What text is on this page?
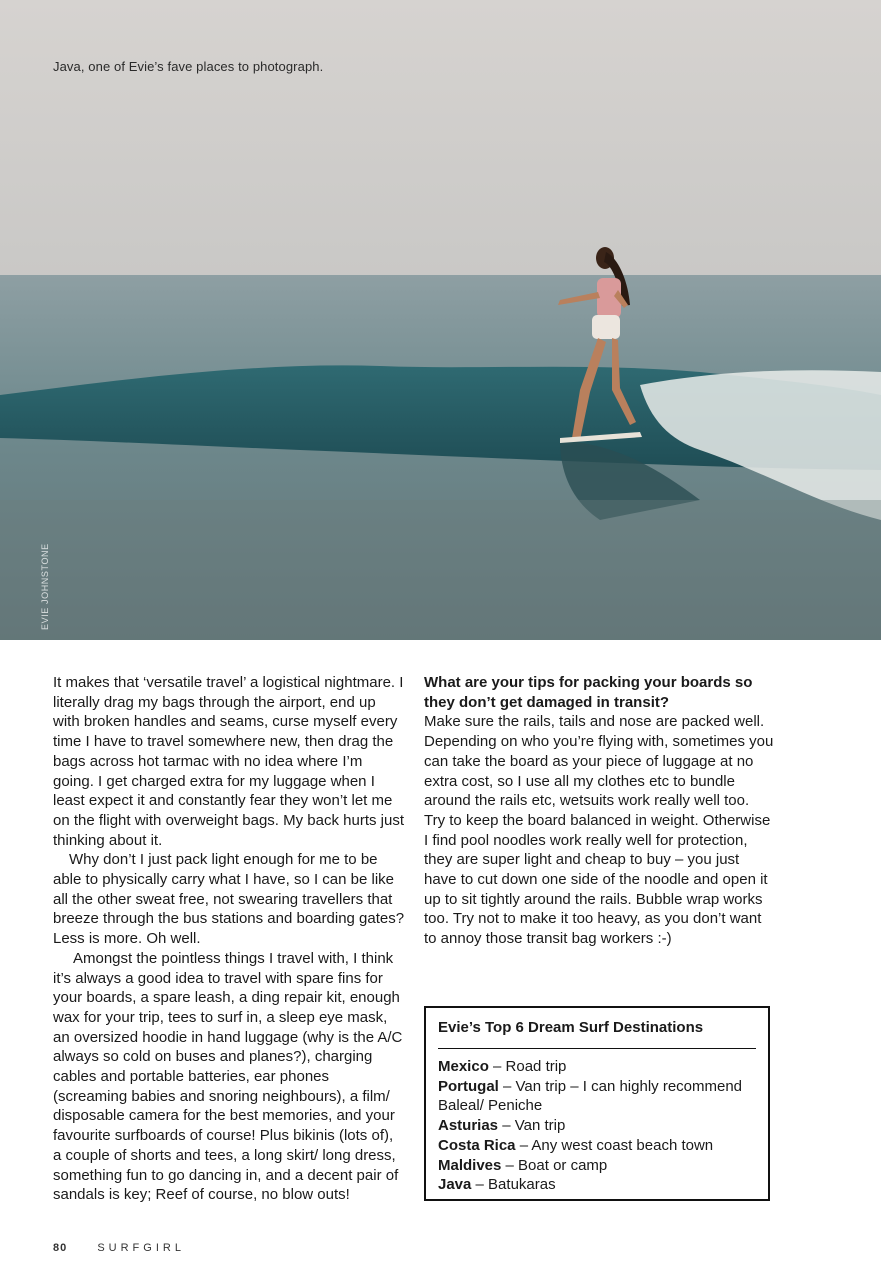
Java, one of Evie’s fave places to photograph.
EVIE JOHNSTONE

It makes that ‘versatile travel’ a logistical nightmare. I literally drag my bags through the airport, end up with broken handles and seams, curse myself every time I have to travel somewhere new, then drag the bags across hot tarmac with no idea where I’m going. I get charged extra for my luggage when I least expect it and constantly fear they won’t let me on the flight with overweight bags. My back hurts just thinking about it.

Why don’t I just pack light enough for me to be able to physically carry what I have, so I can be like all the other sweat free, not swearing travellers that breeze through the bus stations and boarding gates? Less is more. Oh well.

Amongst the pointless things I travel with, I think it’s always a good idea to travel with spare fins for your boards, a spare leash, a ding repair kit, enough wax for your trip, tees to surf in, a sleep eye mask, an oversized hoodie in hand luggage (why is the A/C always so cold on buses and planes?), charging cables and portable batteries, ear phones (screaming babies and snoring neighbours), a film/ disposable camera for the best memories, and your favourite surfboards of course! Plus bikinis (lots of), a couple of shorts and tees, a long skirt/ long dress, something fun to go dancing in, and a decent pair of sandals is key; Reef of course, no blow outs!

What are your tips for packing your boards so they don’t get damaged in transit?

Make sure the rails, tails and nose are packed well. Depending on who you’re flying with, sometimes you can take the board as your piece of luggage at no extra cost, so I use all my clothes etc to bundle around the rails etc, wetsuits work really well too. Try to keep the board balanced in weight. Otherwise I find pool noodles work really well for protection, they are super light and cheap to buy – you just have to cut down one side of the noodle and open it up to sit tightly around the rails. Bubble wrap works too. Try not to make it too heavy, as you don’t want to annoy those transit bag workers :-)

Evie’s Top 6 Dream Surf Destinations
Mexico – Road trip
Portugal – Van trip – I can highly recommend Baleal/ Peniche
Asturias – Van trip
Costa Rica – Any west coast beach town
Maldives – Boat or camp
Java – Batukaras
80	SURFGIRL
